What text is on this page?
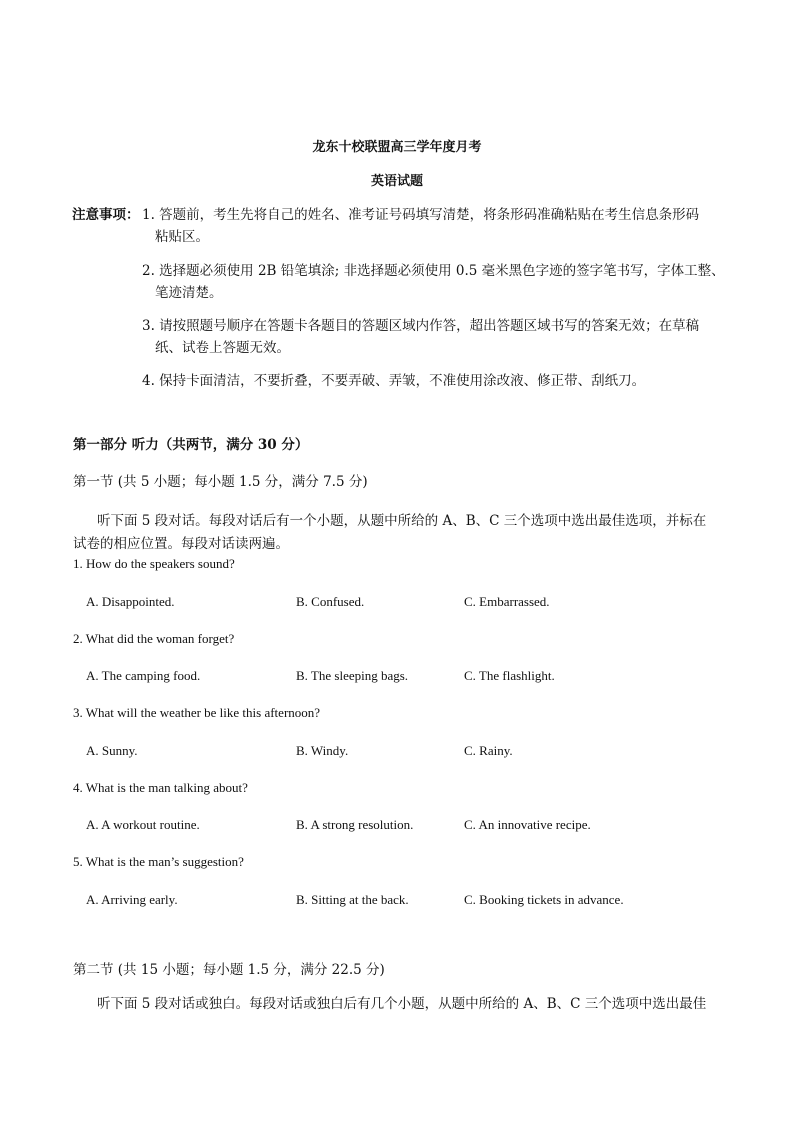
龙东十校联盟高三学年度月考
英语试题
注意事项： 1. 答题前，考生先将自己的姓名、准考证号码填写清楚，将条形码准确粘贴在考生信息条形码
粘贴区。
2. 选择题必须使用 2B 铅笔填涂; 非选择题必须使用 0.5 毫米黑色字迹的签字笔书写，字体工整、
笔迹清楚。
3. 请按照题号顺序在答题卡各题目的答题区域内作答，超出答题区域书写的答案无效；在草稿
纸、试卷上答题无效。
4. 保持卡面清洁，不要折叠，不要弄破、弄皱，不准使用涂改液、修正带、刮纸刀。
第一部分 听力（共两节，满分 30 分）
第一节 (共 5 小题；每小题 1.5 分，满分 7.5 分)
听下面 5 段对话。每段对话后有一个小题，从题中所给的 A、B、C 三个选项中选出最佳选项，并标在
试卷的相应位置。每段对话读两遍。
1. How do the speakers sound?
A. Disappointed.	B. Confused.	C. Embarrassed.
2. What did the woman forget?
A. The camping food.	B. The sleeping bags.	C. The flashlight.
3. What will the weather be like this afternoon?
A. Sunny.	B. Windy.	C. Rainy.
4. What is the man talking about?
A. A workout routine.	B. A strong resolution.	C. An innovative recipe.
5. What is the man’s suggestion?
A. Arriving early.	B. Sitting at the back.	C. Booking tickets in advance.
第二节 (共 15 小题；每小题 1.5 分，满分 22.5 分)
听下面 5 段对话或独白。每段对话或独白后有几个小题，从题中所给的 A、B、C 三个选项中选出最佳
